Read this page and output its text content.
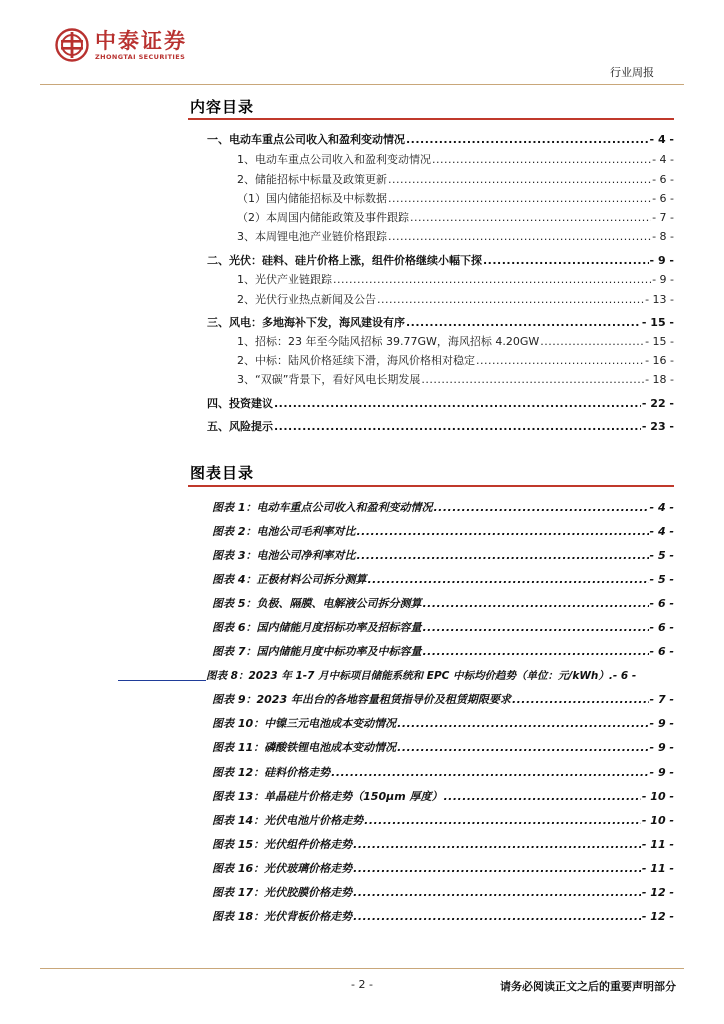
中泰证券
ZHONGTAI SECURITIES
行业周报
内容目录
一、电动车重点公司收入和盈利变动情况 .....	- 4 -
1、电动车重点公司收入和盈利变动情况 .....	- 4 -
2、储能招标中标量及政策更新 .....	- 6 -
（1）国内储能招标及中标数据 .....	- 6 -
（2）本周国内储能政策及事件跟踪 .....	- 7 -
3、本周锂电池产业链价格跟踪 .....	- 8 -
二、光伏：硅料、硅片价格上涨，组件价格继续小幅下探 .....	- 9 -
1、光伏产业链跟踪 .....	- 9 -
2、光伏行业热点新闻及公告 .....	- 13 -
三、风电：多地海补下发，海风建设有序 .....	- 15 -
1、招标：23 年至今陆风招标 39.77GW，海风招标 4.20GW .....	- 15 -
2、中标：陆风价格延续下滑，海风价格相对稳定 .....	- 16 -
3、“双碳”背景下，看好风电长期发展 .....	- 18 -
四、投资建议 .....	- 22 -
五、风险提示 .....	- 23 -
图表目录
图表 1：电动车重点公司收入和盈利变动情况 .....	- 4 -
图表 2：电池公司毛利率对比 .....	- 4 -
图表 3：电池公司净利率对比 .....	- 5 -
图表 4：正极材料公司拆分测算 .....	- 5 -
图表 5：负极、隔膜、电解液公司拆分测算 .....	- 6 -
图表 6：国内储能月度招标功率及招标容量 .....	- 6 -
图表 7：国内储能月度中标功率及中标容量 .....	- 6 -
图表 8：2023 年 1-7 月中标项目储能系统和 EPC 中标均价趋势（单位：元/kWh） .- 6 -
图表 9：2023 年出台的各地容量租赁指导价及租赁期限要求 .....	- 7 -
图表 10：中镍三元电池成本变动情况 .....	- 9 -
图表 11：磷酸铁锂电池成本变动情况 .....	- 9 -
图表 12：硅料价格走势 .....	- 9 -
图表 13：单晶硅片价格走势（150μm 厚度） .....	- 10 -
图表 14：光伏电池片价格走势 .....	- 10 -
图表 15：光伏组件价格走势 .....	- 11 -
图表 16：光伏玻璃价格走势 .....	- 11 -
图表 17：光伏胶膜价格走势 .....	- 12 -
图表 18：光伏背板价格走势 .....	- 12 -
- 2 -	请务必阅读正文之后的重要声明部分
